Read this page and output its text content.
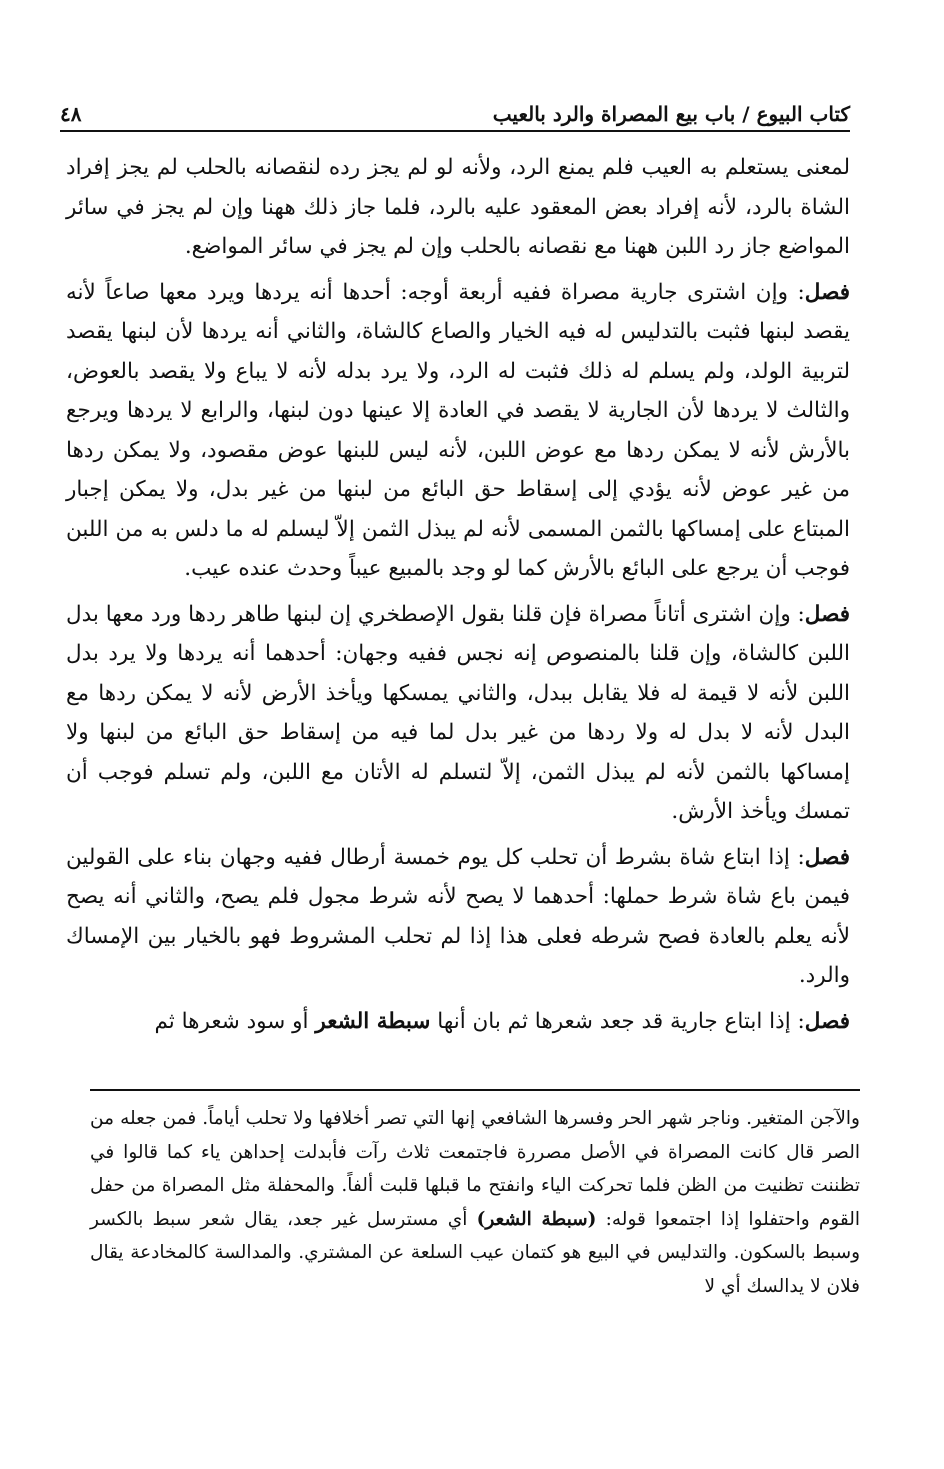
كتاب البيوع / باب بيع المصراة والرد بالعيب
٤٨

لمعنى يستعلم به العيب فلم يمنع الرد، ولأنه لو لم يجز رده لنقصانه بالحلب لم يجز إفراد الشاة بالرد، لأنه إفراد بعض المعقود عليه بالرد، فلما جاز ذلك ههنا وإن لم يجز في سائر المواضع جاز رد اللبن ههنا مع نقصانه بالحلب وإن لم يجز في سائر المواضع.

فصل: وإن اشترى جارية مصراة ففيه أربعة أوجه: أحدها أنه يردها ويرد معها صاعاً لأنه يقصد لبنها فثبت بالتدليس له فيه الخيار والصاع كالشاة، والثاني أنه يردها لأن لبنها يقصد لتربية الولد، ولم يسلم له ذلك فثبت له الرد، ولا يرد بدله لأنه لا يباع ولا يقصد بالعوض، والثالث لا يردها لأن الجارية لا يقصد في العادة إلا عينها دون لبنها، والرابع لا يردها ويرجع بالأرش لأنه لا يمكن ردها مع عوض اللبن، لأنه ليس للبنها عوض مقصود، ولا يمكن ردها من غير عوض لأنه يؤدي إلى إسقاط حق البائع من لبنها من غير بدل، ولا يمكن إجبار المبتاع على إمساكها بالثمن المسمى لأنه لم يبذل الثمن إلاّ ليسلم له ما دلس به من اللبن فوجب أن يرجع على البائع بالأرش كما لو وجد بالمبيع عيباً وحدث عنده عيب.

فصل: وإن اشترى أتاناً مصراة فإن قلنا بقول الإصطخري إن لبنها طاهر ردها ورد معها بدل اللبن كالشاة، وإن قلنا بالمنصوص إنه نجس ففيه وجهان: أحدهما أنه يردها ولا يرد بدل اللبن لأنه لا قيمة له فلا يقابل ببدل، والثاني يمسكها ويأخذ الأرض لأنه لا يمكن ردها مع البدل لأنه لا بدل له ولا ردها من غير بدل لما فيه من إسقاط حق البائع من لبنها ولا إمساكها بالثمن لأنه لم يبذل الثمن، إلاّ لتسلم له الأتان مع اللبن، ولم تسلم فوجب أن تمسك ويأخذ الأرش.

فصل: إذا ابتاع شاة بشرط أن تحلب كل يوم خمسة أرطال ففيه وجهان بناء على القولين فيمن باع شاة شرط حملها: أحدهما لا يصح لأنه شرط مجول فلم يصح، والثاني أنه يصح لأنه يعلم بالعادة فصح شرطه فعلى هذا إذا لم تحلب المشروط فهو بالخيار بين الإمساك والرد.

فصل: إذا ابتاع جارية قد جعد شعرها ثم بان أنها سبطة الشعر أو سود شعرها ثم

والآجن المتغير. وناجر شهر الحر وفسرها الشافعي إنها التي تصر أخلافها ولا تحلب أياماً. فمن جعله من الصر قال كانت المصراة في الأصل مصررة فاجتمعت ثلاث رآت فأبدلت إحداهن ياء كما قالوا في تظننت تظنيت من الظن فلما تحركت الياء وانفتح ما قبلها قلبت ألفاً. والمحفلة مثل المصراة من حفل القوم واحتفلوا إذا اجتمعوا قوله: (سبطة الشعر) أي مسترسل غير جعد، يقال شعر سبط بالكسر وسبط بالسكون. والتدليس في البيع هو كتمان عيب السلعة عن المشتري. والمدالسة كالمخادعة يقال فلان لا يدالسك أي لا
